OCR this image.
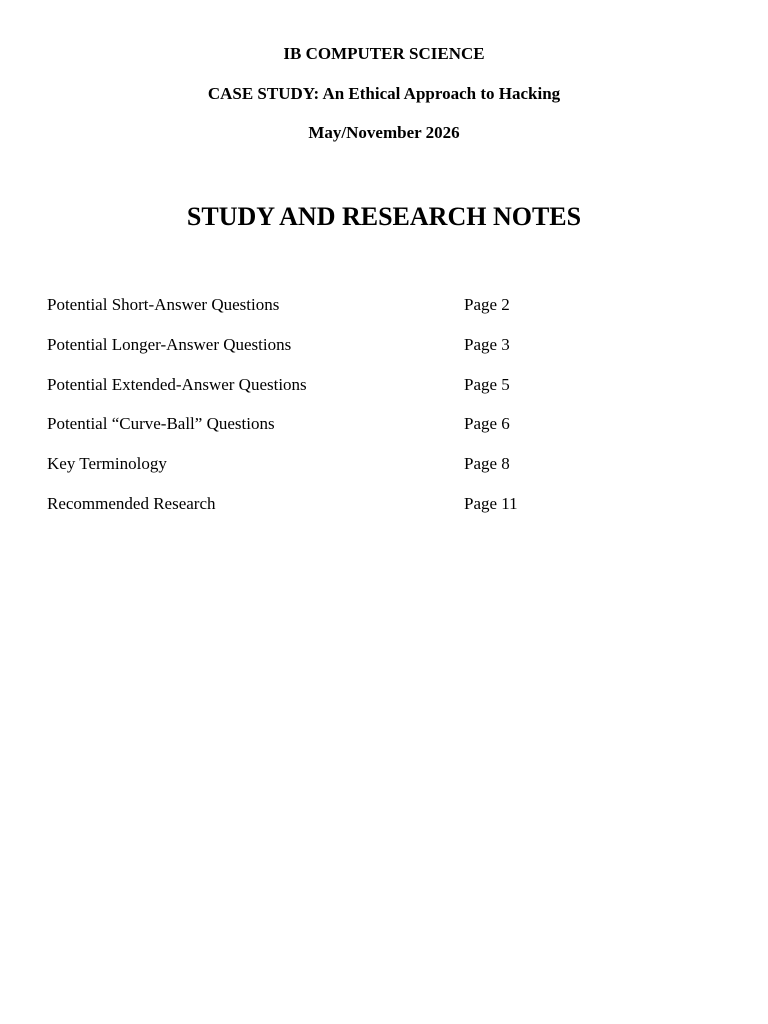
IB COMPUTER SCIENCE

CASE STUDY: An Ethical Approach to Hacking

May/November 2026

STUDY AND RESEARCH NOTES
Potential Short-Answer Questions	Page 2
Potential Longer-Answer Questions	Page 3
Potential Extended-Answer Questions	Page 5
Potential “Curve-Ball” Questions	Page 6
Key Terminology	Page 8
Recommended Research	Page 11
